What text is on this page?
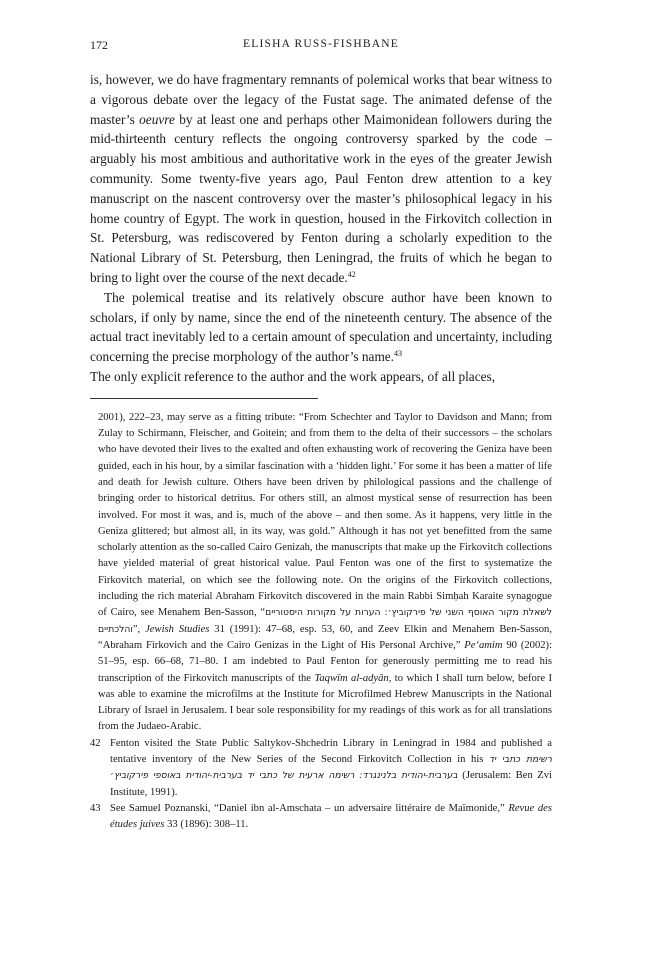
172	ELISHA RUSS-FISHBANE

is, however, we do have fragmentary remnants of polemical works that bear witness to a vigorous debate over the legacy of the Fustat sage. The animated defense of the master’s oeuvre by at least one and perhaps other Maimonidean followers during the mid-thirteenth century reflects the ongoing controversy sparked by the code – arguably his most ambitious and authoritative work in the eyes of the greater Jewish community. Some twenty-five years ago, Paul Fenton drew attention to a key manuscript on the nascent controversy over the master’s philosophical legacy in his home country of Egypt. The work in question, housed in the Firkovitch collection in St. Petersburg, was rediscovered by Fenton during a scholarly expedition to the National Library of St. Petersburg, then Leningrad, the fruits of which he began to bring to light over the course of the next decade.$^{42}$

The polemical treatise and its relatively obscure author have been known to scholars, if only by name, since the end of the nineteenth century. The absence of the actual tract inevitably led to a certain amount of speculation and uncertainty, including concerning the precise morphology of the author’s name.$^{43}$

The only explicit reference to the author and the work appears, of all places,

2001), 222–23, may serve as a fitting tribute: “From Schechter and Taylor to Davidson and Mann; from Zulay to Schirmann, Fleischer, and Goitein; and from them to the delta of their successors – the scholars who have devoted their lives to the exalted and often exhausting work of recovering the Geniza have been guided, each in his hour, by a similar fascination with a ‘hidden light.’ For some it has been a matter of life and death for Jewish culture. Others have been driven by philological passions and the challenge of bringing order to historical detritus. For others still, an almost mystical sense of resurrection has been involved. For most it was, and is, much of the above – and then some. As it happens, very little in the Geniza glittered; but almost all, in its way, was gold.” Although it has not yet benefitted from the same scholarly attention as the so-called Cairo Genizah, the manuscripts that make up the Firkovitch collections have yielded material of great historical value. Paul Fenton was one of the first to systematize the Firkovitch material, on which see the following note. On the origins of the Firkovitch collections, including the rich material Abraham Firkovitch discovered in the main Rabbi Simḥah Karaite synagogue of Cairo, see Menahem Ben-Sasson, “לשאלת מקור האוסף השני של פירקוביץ׳: הערות על מקורות היסטוריים והלכתיים”, Jewish Studies 31 (1991): 47–68, esp. 53, 60, and Zeev Elkin and Menahem Ben-Sasson, “Abraham Firkovich and the Cairo Genizas in the Light of His Personal Archive,” Pe‘amim 90 (2002): 51–95, esp. 66–68, 71–80. I am indebted to Paul Fenton for generously permitting me to read his transcription of the Firkovitch manuscripts of the Taqwīm al-adyān, to which I shall turn below, before I was able to examine the microfilms at the Institute for Microfilmed Hebrew Manuscripts in the National Library of Israel in Jerusalem. I bear sole responsibility for my readings of this work as for all translations from the Judaeo-Arabic.

42 Fenton visited the State Public Saltykov-Shchedrin Library in Leningrad in 1984 and published a tentative inventory of the New Series of the Second Firkovitch Collection in his רשימת כתבי יד בערבית-יהודית בלנינגרד: רשימה ארעית של כתבי יד בערבית-יהודית באוספי פירקוביץ׳ (Jerusalem: Ben Zvi Institute, 1991).

43 See Samuel Poznanski, “Daniel ibn al-Amschata – un adversaire littéraire de Maïmonide,” Revue des études juives 33 (1896): 308–11.
